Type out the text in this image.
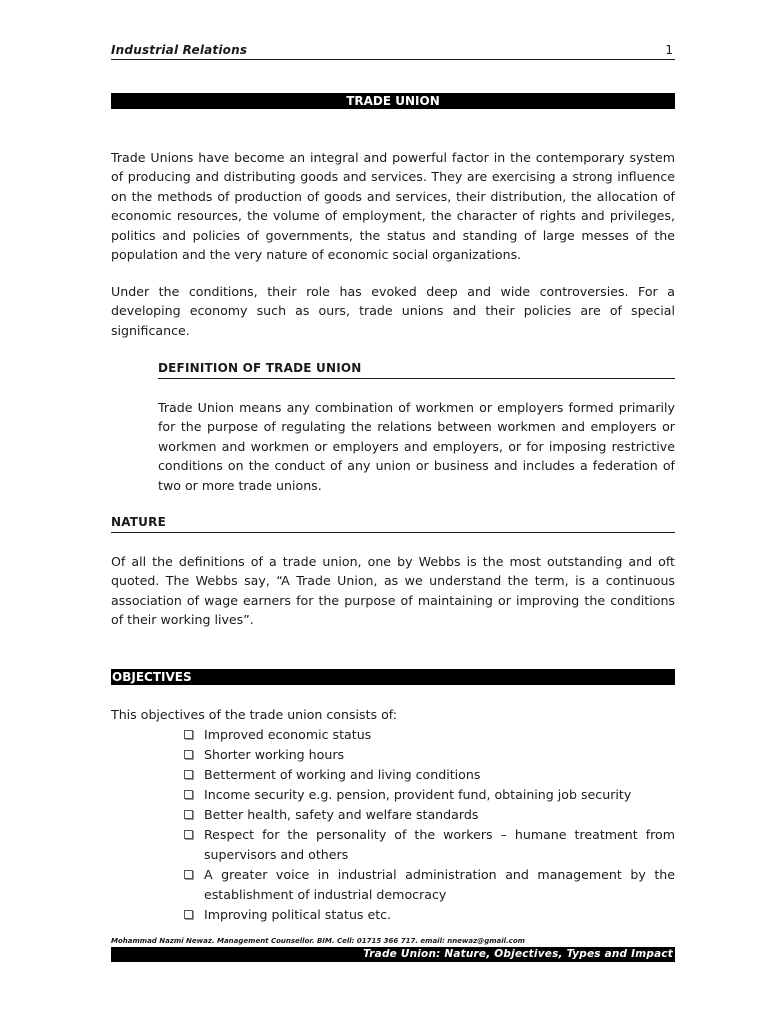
Industrial Relations	1
TRADE UNION

Trade Unions have become an integral and powerful factor in the contemporary system of producing and distributing goods and services. They are exercising a strong influence on the methods of production of goods and services, their distribution, the allocation of economic resources, the volume of employment, the character of rights and privileges, politics and policies of governments, the status and standing of large messes of the population and the very nature of economic social organizations.

Under the conditions, their role has evoked deep and wide controversies. For a developing economy such as ours, trade unions and their policies are of special significance.

DEFINITION OF TRADE UNION

Trade Union means any combination of workmen or employers formed primarily for the purpose of regulating the relations between workmen and employers or workmen and workmen or employers and employers, or for imposing restrictive conditions on the conduct of any union or business and includes a federation of two or more trade unions.

NATURE

Of all the definitions of a trade union, one by Webbs is the most outstanding and oft quoted. The Webbs say, “A Trade Union, as we understand the term, is a continuous association of wage earners for the purpose of maintaining or improving the conditions of their working lives”.

OBJECTIVES

This objectives of the trade union consists of:

Improved economic status
Shorter working hours
Betterment of working and living conditions
Income security e.g. pension, provident fund, obtaining job security
Better health, safety and welfare standards
Respect for the personality of the workers – humane treatment from supervisors and others
A greater voice in industrial administration and management by the establishment of industrial democracy
Improving political status etc.
Mohammad Nazmi Newaz. Management Counsellor. BIM. Cell: 01715 366 717. email: nnewaz@gmail.com
Trade Union: Nature, Objectives, Types and Impact
